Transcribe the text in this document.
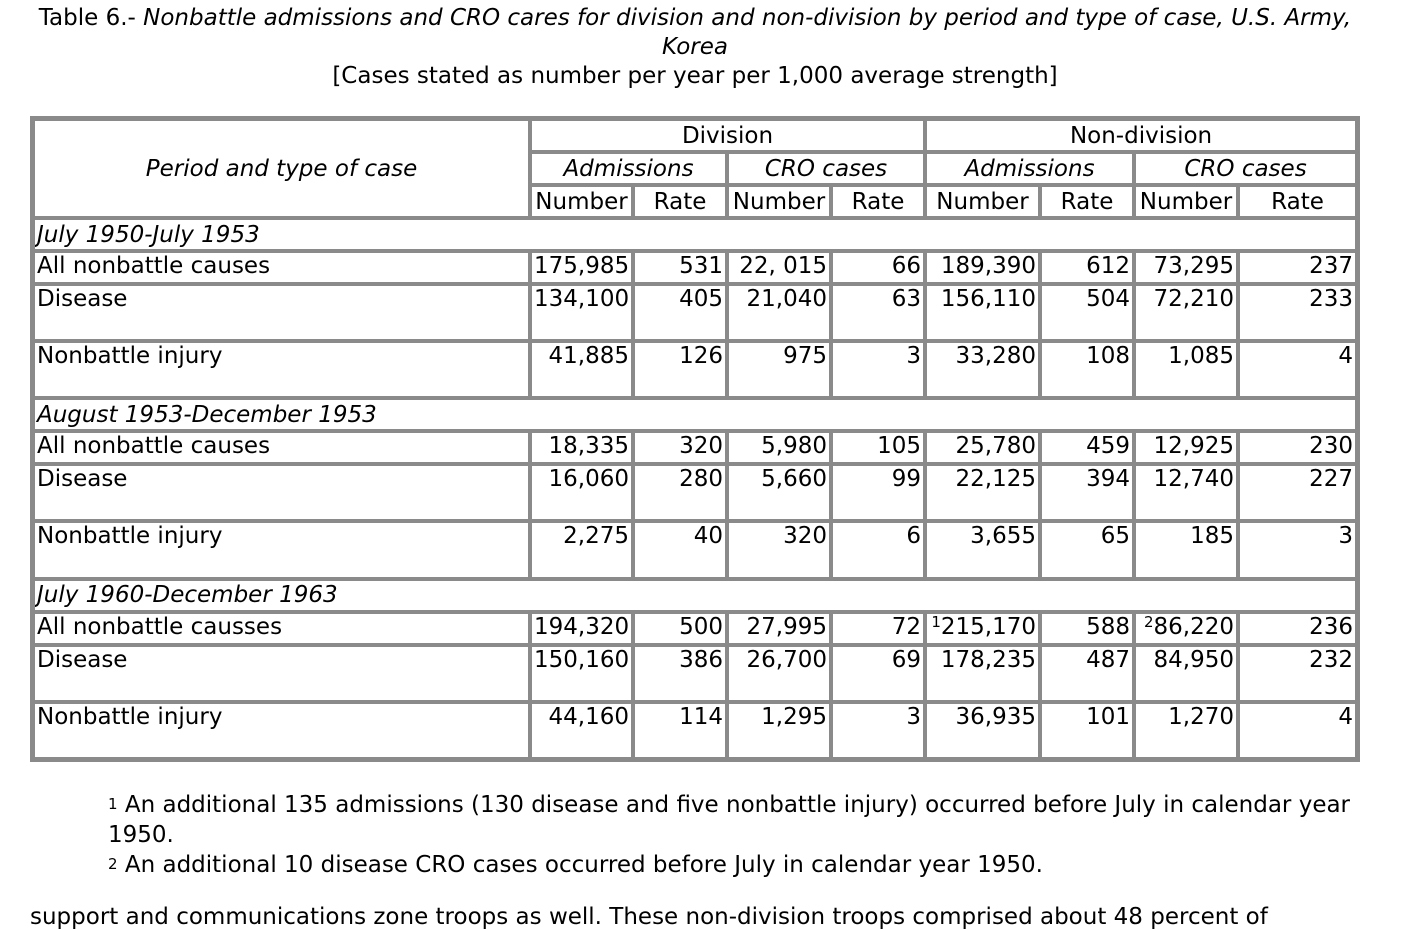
Table 6.- Nonbattle admissions and CRO cares for division and non-division by period and type of case, U.S. Army, Korea
[Cases stated as number per year per 1,000 average strength]
Period and type of case	Division				Non-division			
	Admissions		CRO cases		Admissions		CRO cases	
	Number	Rate	Number	Rate	Number	Rate	Number	Rate
July 1950-July 1953								
All nonbattle causes	175,985	531	22, 015	66	189,390	612	73,295	237
Disease	134,100	405	21,040	63	156,110	504	72,210	233
Nonbattle injury	41,885	126	975	3	33,280	108	1,085	4
August 1953-December 1953								
All nonbattle causes	18,335	320	5,980	105	25,780	459	12,925	230
Disease	16,060	280	5,660	99	22,125	394	12,740	227
Nonbattle injury	2,275	40	320	6	3,655	65	185	3
July 1960-December 1963								
All nonbattle causses	194,320	500	27,995	72	$^1$215,170	588	$^2$86,220	236
Disease	150,160	386	26,700	69	178,235	487	84,950	232
Nonbattle injury	44,160	114	1,295	3	36,935	101	1,270	4

$^1$ An additional 135 admissions (130 disease and five nonbattle injury) occurred before July in calendar year 1950.

$^2$ An additional 10 disease CRO cases occurred before July in calendar year 1950.

support and communications zone troops as well. These non-division troops comprised about 48 percent of
